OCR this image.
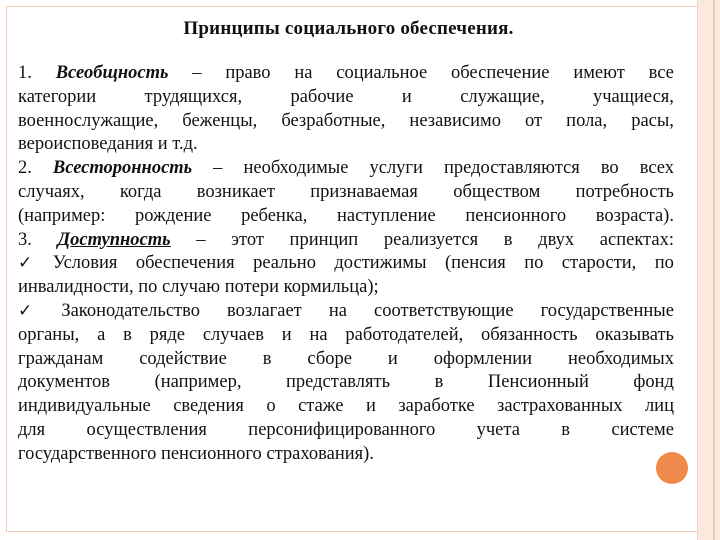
Принципы социального обеспечения.
1. Всеобщность – право на социальное обеспечение имеют все
категории	трудящихся,	рабочие	и	служащие,	учащиеся,
военнослужащие, беженцы, безработные, независимо от пола, расы,
вероисповедания и т.д.
2. Всесторонность – необходимые услуги предоставляются во всех
случаях, когда возникает признаваемая обществом потребность
(например: рождение ребенка, наступление пенсионного возраста).
3. Доступность – этот принцип реализуется в двух аспектах:
✓ Условия обеспечения реально достижимы (пенсия по старости, по
инвалидности, по случаю потери кормильца);
✓ Законодательство возлагает на соответствующие государственные
органы, а в ряде случаев и на работодателей, обязанность оказывать
гражданам содействие в сборе и оформлении необходимых
документов (например, представлять в Пенсионный фонд
индивидуальные сведения о стаже и заработке застрахованных лиц
для осуществления персонифицированного учета в системе
государственного пенсионного страхования).
